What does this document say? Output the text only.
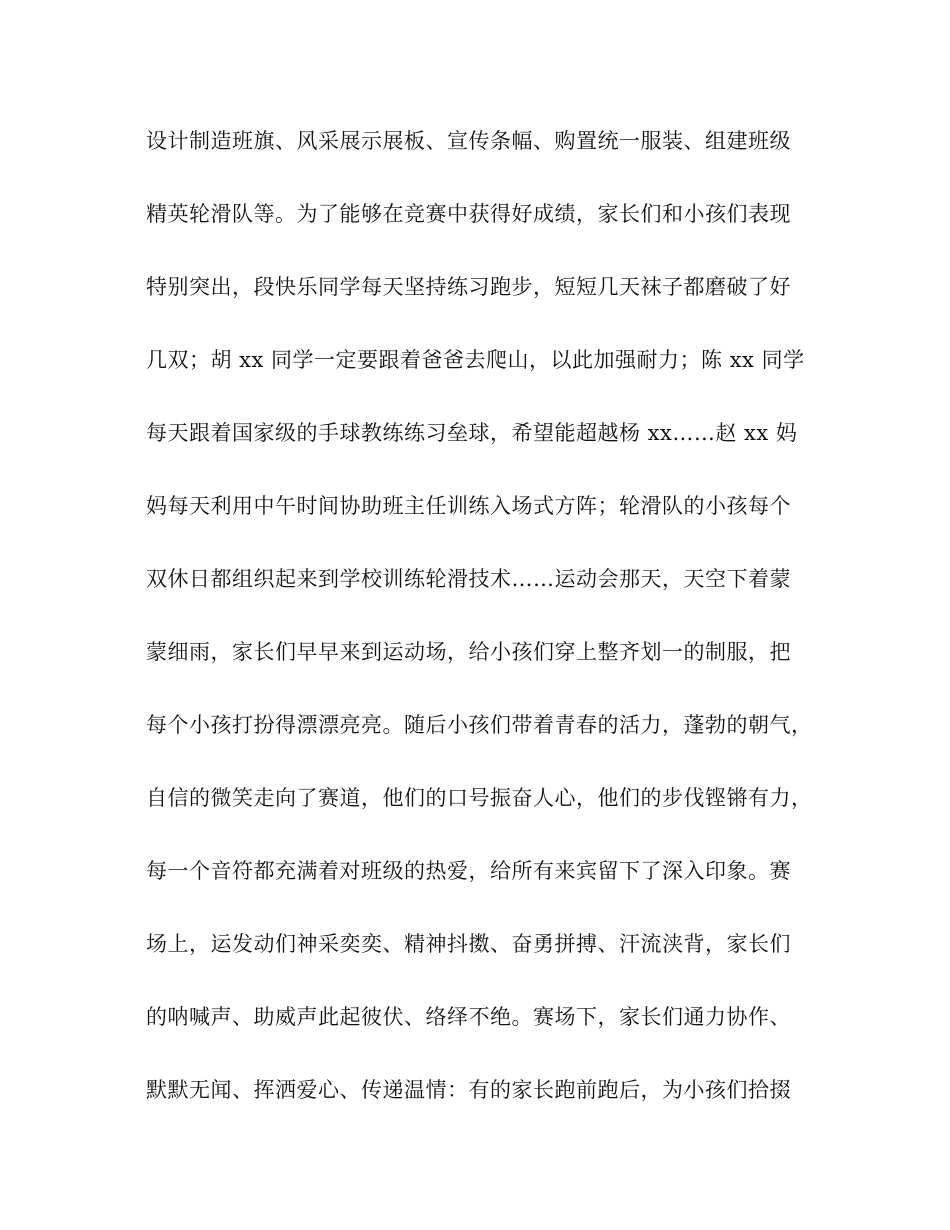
设计制造班旗、风采展示展板、宣传条幅、购置统一服装、组建班级
精英轮滑队等。为了能够在竞赛中获得好成绩，家长们和小孩们表现
特别突出，段快乐同学每天坚持练习跑步，短短几天袜子都磨破了好
几双；胡 xx 同学一定要跟着爸爸去爬山，以此加强耐力；陈 xx 同学
每天跟着国家级的手球教练练习垒球，希望能超越杨 xx……赵 xx 妈
妈每天利用中午时间协助班主任训练入场式方阵；轮滑队的小孩每个
双休日都组织起来到学校训练轮滑技术……运动会那天，天空下着蒙
蒙细雨，家长们早早来到运动场，给小孩们穿上整齐划一的制服，把
每个小孩打扮得漂漂亮亮。随后小孩们带着青春的活力，蓬勃的朝气，
自信的微笑走向了赛道，他们的口号振奋人心，他们的步伐铿锵有力，
每一个音符都充满着对班级的热爱，给所有来宾留下了深入印象。赛
场上，运发动们神采奕奕、精神抖擞、奋勇拼搏、汗流浃背，家长们
的呐喊声、助威声此起彼伏、络绎不绝。赛场下，家长们通力协作、
默默无闻、挥洒爱心、传递温情：有的家长跑前跑后，为小孩们拾掇
